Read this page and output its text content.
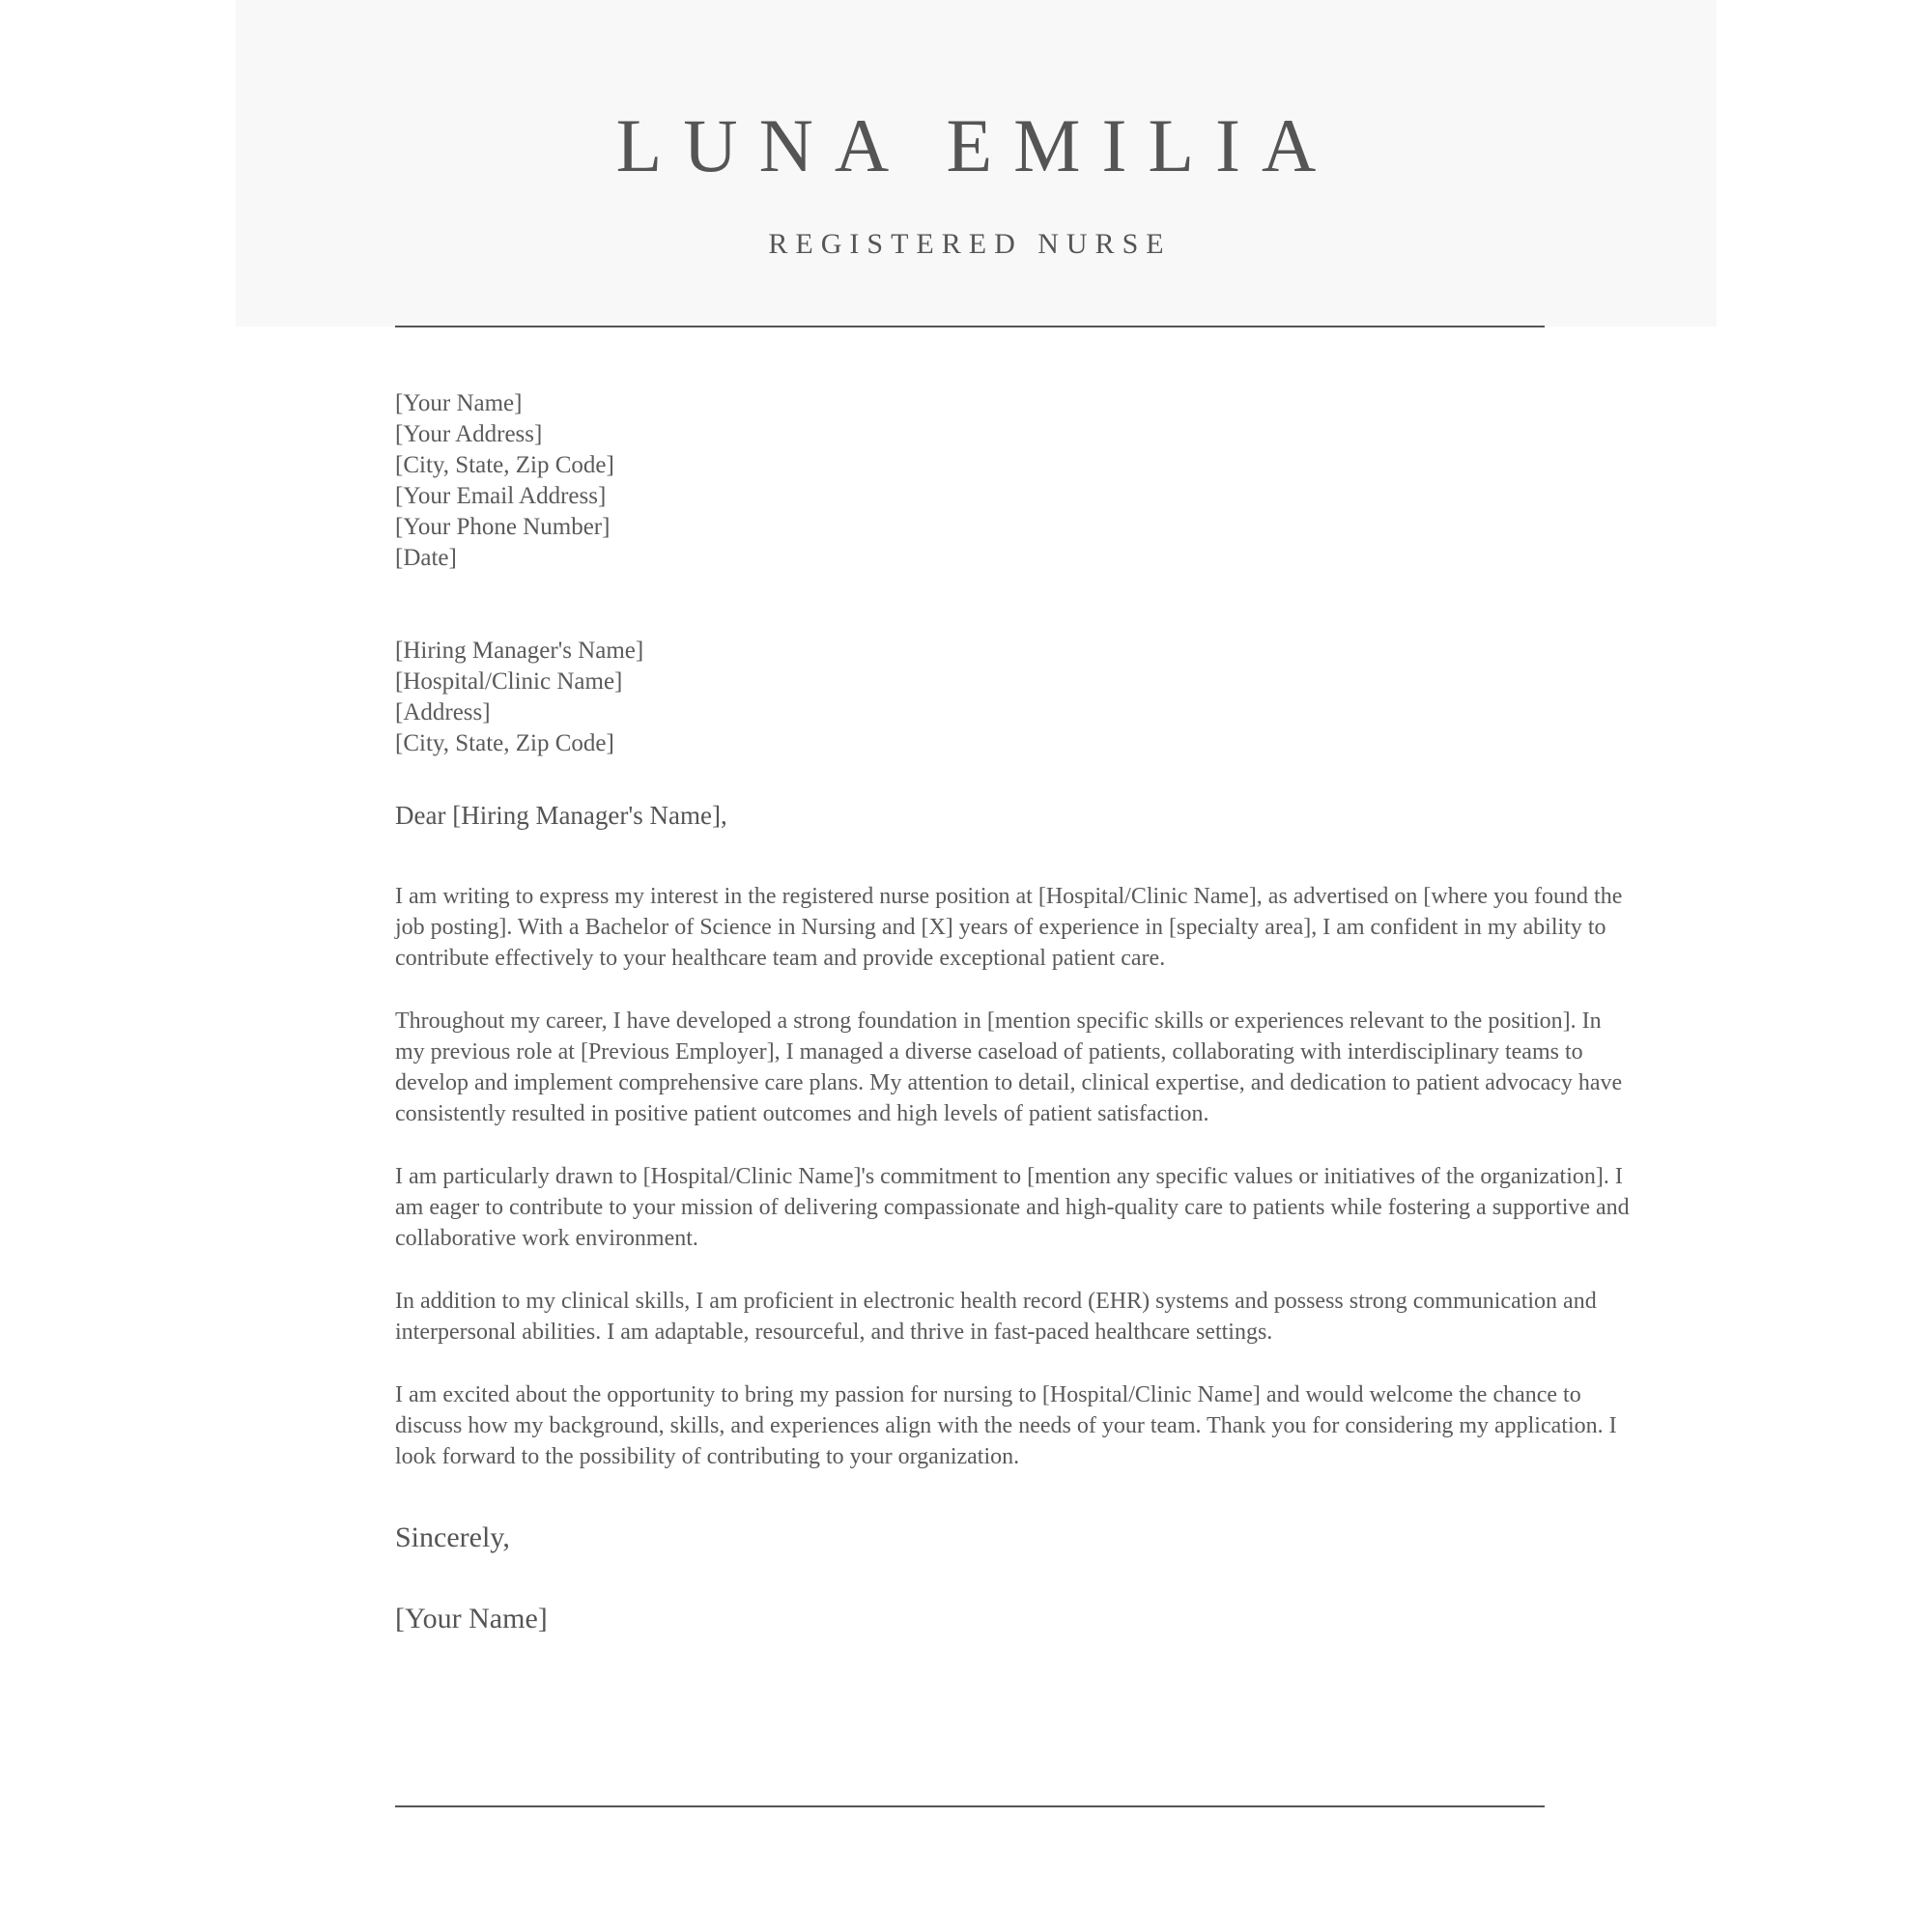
LUNA EMILIA
REGISTERED NURSE
[Your Name]
[Your Address]
[City, State, Zip Code]
[Your Email Address]
[Your Phone Number]
[Date]
[Hiring Manager's Name]
[Hospital/Clinic Name]
[Address]
[City, State, Zip Code]
Dear [Hiring Manager's Name],

I am writing to express my interest in the registered nurse position at [Hospital/Clinic Name], as advertised on [where you found the job posting]. With a Bachelor of Science in Nursing and [X] years of experience in [specialty area], I am confident in my ability to contribute effectively to your healthcare team and provide exceptional patient care.

Throughout my career, I have developed a strong foundation in [mention specific skills or experiences relevant to the position]. In my previous role at [Previous Employer], I managed a diverse caseload of patients, collaborating with interdisciplinary teams to develop and implement comprehensive care plans. My attention to detail, clinical expertise, and dedication to patient advocacy have consistently resulted in positive patient outcomes and high levels of patient satisfaction.

I am particularly drawn to [Hospital/Clinic Name]'s commitment to [mention any specific values or initiatives of the organization]. I am eager to contribute to your mission of delivering compassionate and high-quality care to patients while fostering a supportive and collaborative work environment.

In addition to my clinical skills, I am proficient in electronic health record (EHR) systems and possess strong communication and interpersonal abilities. I am adaptable, resourceful, and thrive in fast-paced healthcare settings.

I am excited about the opportunity to bring my passion for nursing to [Hospital/Clinic Name] and would welcome the chance to discuss how my background, skills, and experiences align with the needs of your team. Thank you for considering my application. I look forward to the possibility of contributing to your organization.

Sincerely,
[Your Name]
